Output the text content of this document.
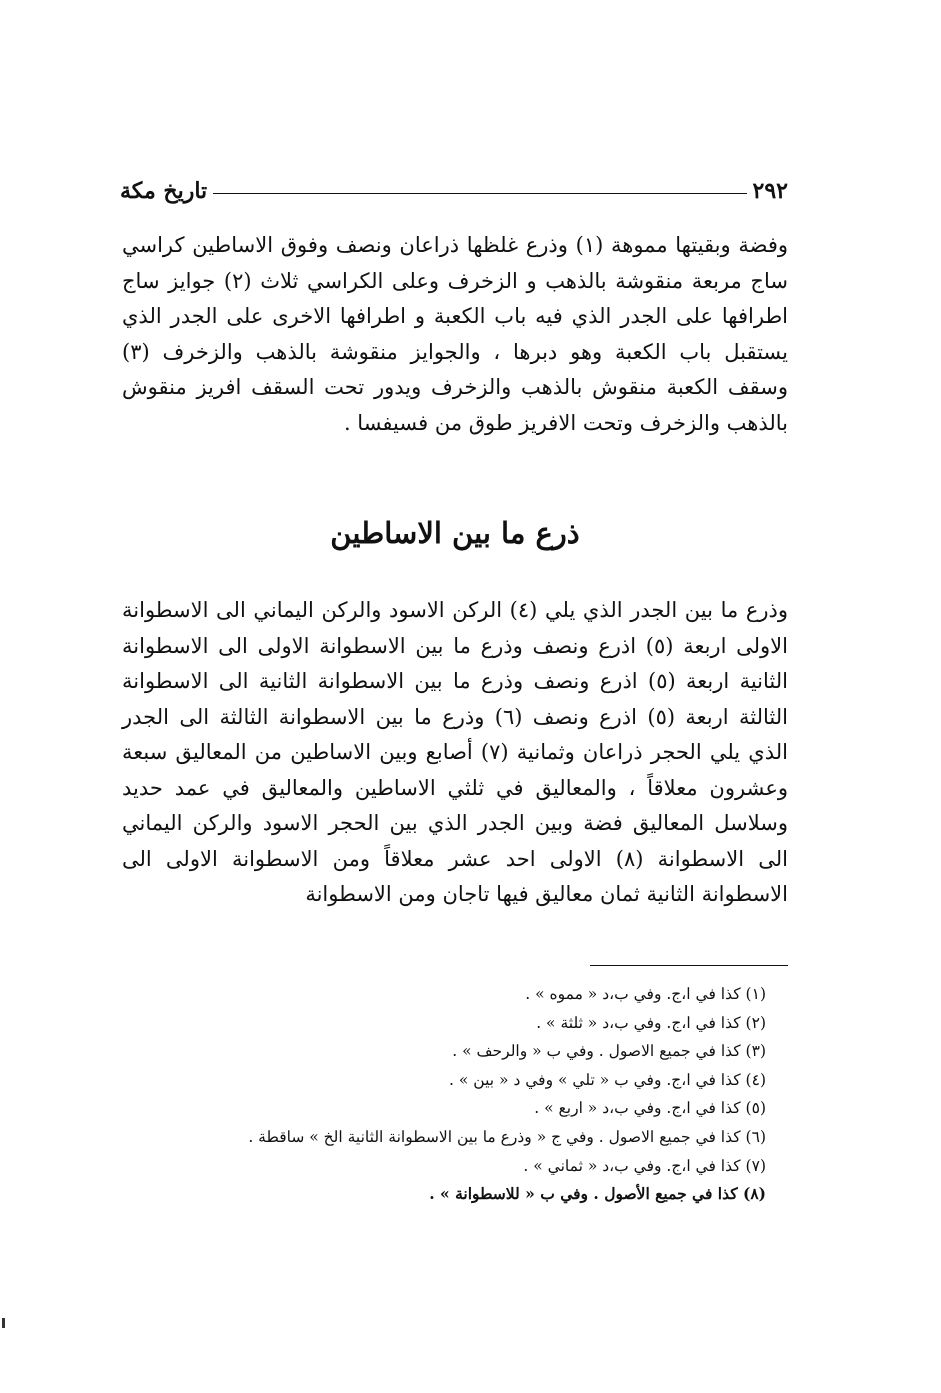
٢٩٢
تاريخ مكة

وفضة وبقيتها مموهة (١) وذرع غلظها ذراعان ونصف وفوق الاساطين كراسي ساج مربعة منقوشة بالذهب و الزخرف وعلى الكراسي ثلاث (٢) جوايز ساج اطرافها على الجدر الذي فيه باب الكعبة و اطرافها الاخرى على الجدر الذي يستقبل باب الكعبة وهو دبرها ، والجوايز منقوشة بالذهب والزخرف (٣) وسقف الكعبة منقوش بالذهب والزخرف ويدور تحت السقف افريز منقوش بالذهب والزخرف وتحت الافريز طوق من فسيفسا .

ذرع ما بين الاساطين

وذرع ما بين الجدر الذي يلي (٤) الركن الاسود والركن اليماني الى الاسطوانة الاولى اربعة (٥) اذرع ونصف وذرع ما بين الاسطوانة الاولى الى الاسطوانة الثانية اربعة (٥) اذرع ونصف وذرع ما بين الاسطوانة الثانية الى الاسطوانة الثالثة اربعة (٥) اذرع ونصف (٦) وذرع ما بين الاسطوانة الثالثة الى الجدر الذي يلي الحجر ذراعان وثمانية (٧) أصابع وبين الاساطين من المعاليق سبعة وعشرون معلاقاً ، والمعاليق في ثلثي الاساطين والمعاليق في عمد حديد وسلاسل المعاليق فضة وبين الجدر الذي بين الحجر الاسود والركن اليماني الى الاسطوانة (٨) الاولى احد عشر معلاقاً ومن الاسطوانة الاولى الى الاسطوانة الثانية ثمان معاليق فيها تاجان ومن الاسطوانة

(١) كذا في ا،ج. وفي ب،د « مموه » .
(٢) كذا في ا،ج. وفي ب،د « ثلثة » .
(٣) كذا في جميع الاصول . وفي ب « والرحف » .
(٤) كذا في ا،ج. وفي ب « تلي » وفي د « بين » .
(٥) كذا في ا،ج. وفي ب،د « اربع » .
(٦) كذا في جميع الاصول . وفي ج « وذرع ما بين الاسطوانة الثانية الخ » ساقطة .
(٧) كذا في ا،ج. وفي ب،د « ثماني » .
(٨) كذا في جميع الأصول . وفي ب « للاسطوانة » .
